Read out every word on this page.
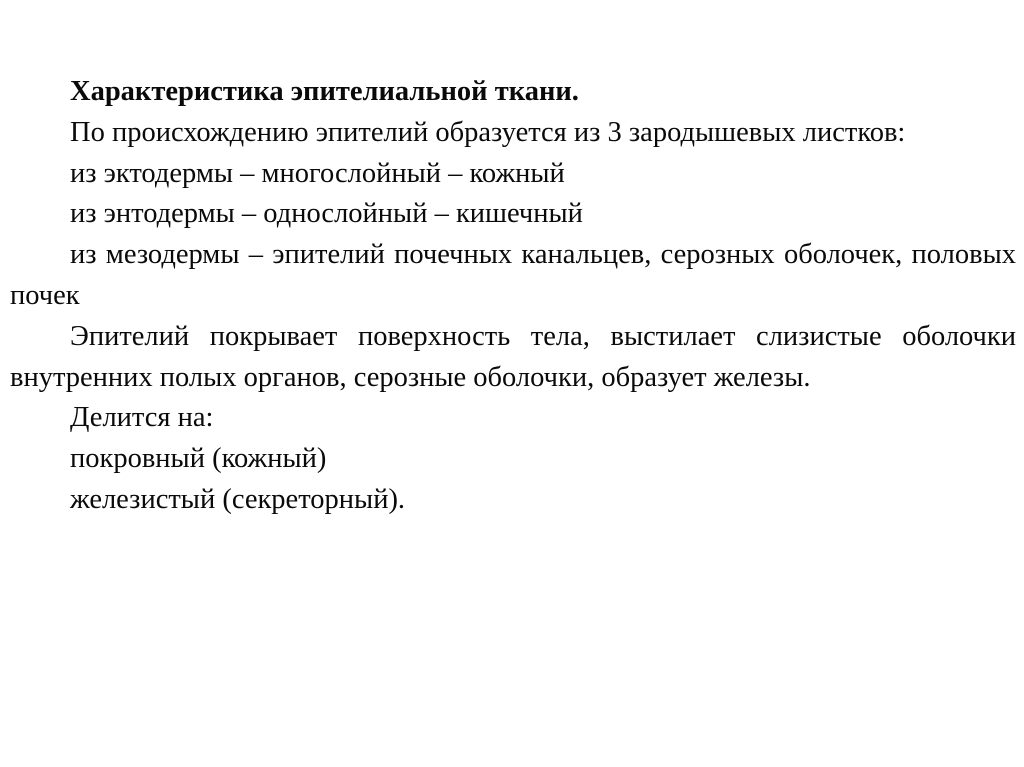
Характеристика эпителиальной ткани.

По происхождению эпителий образуется из 3 зародышевых листков:

из эктодермы – многослойный – кожный

из энтодермы – однослойный – кишечный

из мезодермы – эпителий почечных канальцев, серозных оболочек, половых почек

Эпителий покрывает поверхность тела, выстилает слизистые оболочки внутренних полых органов, серозные оболочки, образует железы.

Делится на:

покровный (кожный)

железистый (секреторный).
